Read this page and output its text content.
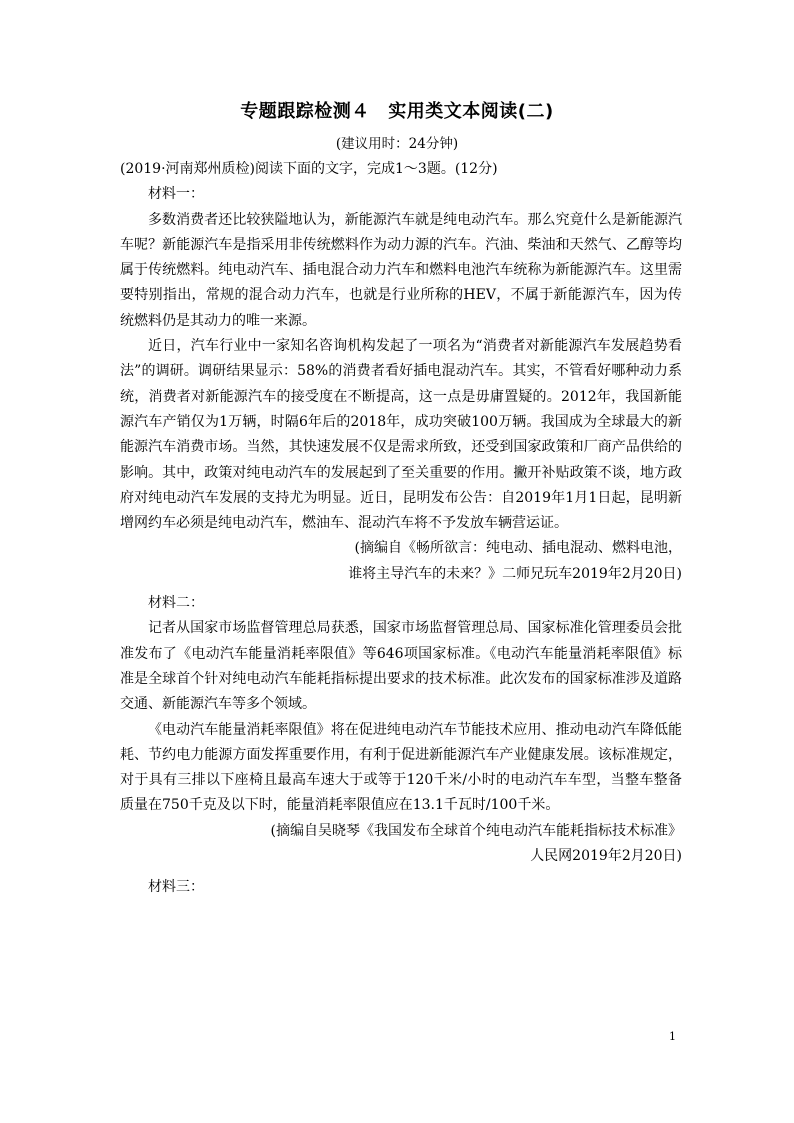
专题跟踪检测４　实用类文本阅读(二)
(建议用时：24分钟)

(2019·河南郑州质检)阅读下面的文字，完成1～3题。(12分)

材料一：

多数消费者还比较狭隘地认为，新能源汽车就是纯电动汽车。那么究竟什么是新能源汽车呢？新能源汽车是指采用非传统燃料作为动力源的汽车。汽油、柴油和天然气、乙醇等均属于传统燃料。纯电动汽车、插电混合动力汽车和燃料电池汽车统称为新能源汽车。这里需要特别指出，常规的混合动力汽车，也就是行业所称的HEV，不属于新能源汽车，因为传统燃料仍是其动力的唯一来源。

近日，汽车行业中一家知名咨询机构发起了一项名为“消费者对新能源汽车发展趋势看法”的调研。调研结果显示：58%的消费者看好插电混动汽车。其实，不管看好哪种动力系统，消费者对新能源汽车的接受度在不断提高，这一点是毋庸置疑的。2012年，我国新能源汽车产销仅为1万辆，时隔6年后的2018年，成功突破100万辆。我国成为全球最大的新能源汽车消费市场。当然，其快速发展不仅是需求所致，还受到国家政策和厂商产品供给的影响。其中，政策对纯电动汽车的发展起到了至关重要的作用。撇开补贴政策不谈，地方政府对纯电动汽车发展的支持尤为明显。近日，昆明发布公告：自2019年1月1日起，昆明新增网约车必须是纯电动汽车，燃油车、混动汽车将不予发放车辆营运证。

(摘编自《畅所欲言：纯电动、插电混动、燃料电池，

谁将主导汽车的未来？》二师兄玩车2019年2月20日)

材料二：

记者从国家市场监督管理总局获悉，国家市场监督管理总局、国家标准化管理委员会批准发布了《电动汽车能量消耗率限值》等646项国家标准。《电动汽车能量消耗率限值》标准是全球首个针对纯电动汽车能耗指标提出要求的技术标准。此次发布的国家标准涉及道路交通、新能源汽车等多个领域。

《电动汽车能量消耗率限值》将在促进纯电动汽车节能技术应用、推动电动汽车降低能耗、节约电力能源方面发挥重要作用，有利于促进新能源汽车产业健康发展。该标准规定，对于具有三排以下座椅且最高车速大于或等于120千米/小时的电动汽车车型，当整车整备质量在750千克及以下时，能量消耗率限值应在13.1千瓦时/100千米。

(摘编自吴晓琴《我国发布全球首个纯电动汽车能耗指标技术标准》

人民网2019年2月20日)

材料三：

1
